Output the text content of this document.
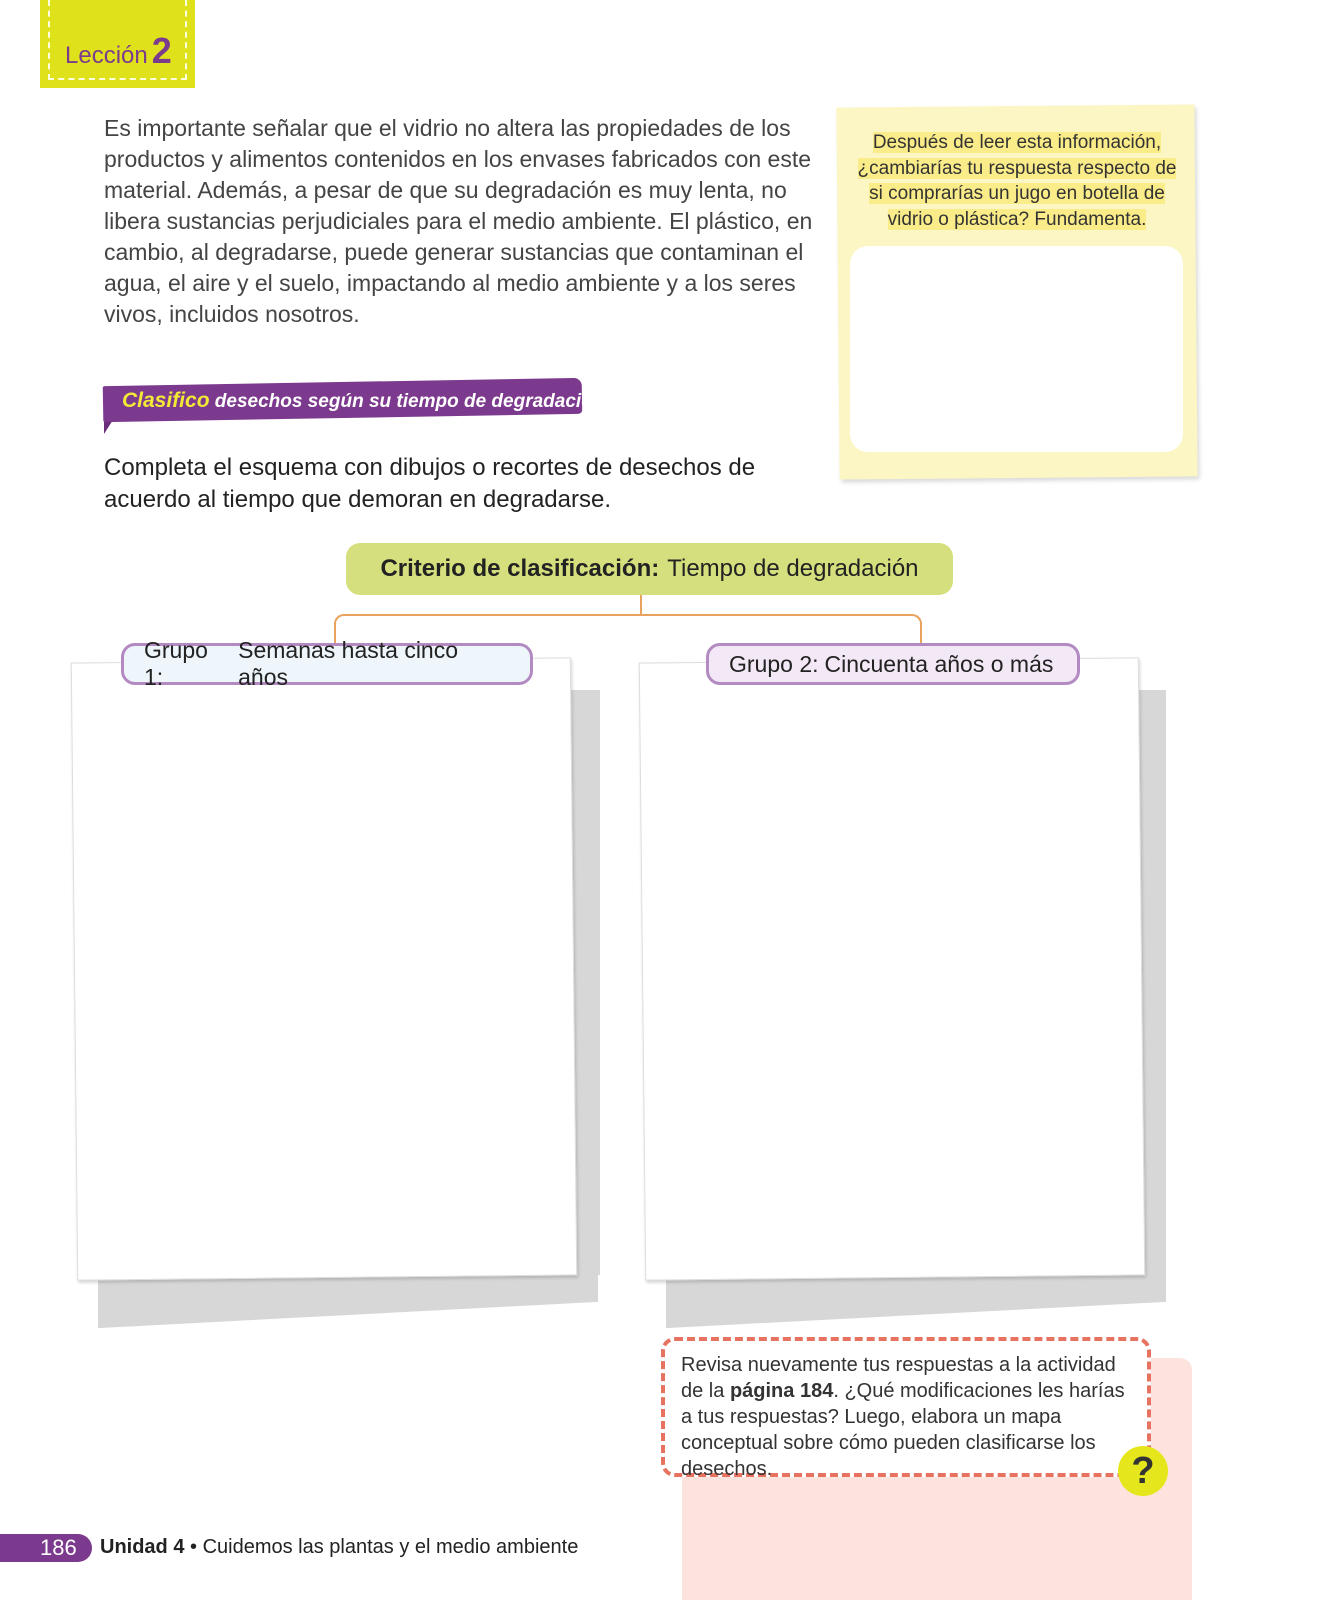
Lección 2
Es importante señalar que el vidrio no altera las propiedades de los productos y alimentos contenidos en los envases fabricados con este material. Además, a pesar de que su degradación es muy lenta, no libera sustancias perjudiciales para el medio ambiente. El plástico, en cambio, al degradarse, puede generar sustancias que contaminan el agua, el aire y el suelo, impactando al medio ambiente y a los seres vivos, incluidos nosotros.
Después de leer esta información, ¿cambiarías tu respuesta respecto de si comprarías un jugo en botella de vidrio o plástica? Fundamenta.
Clasifico desechos según su tiempo de degradación
Completa el esquema con dibujos o recortes de desechos de acuerdo al tiempo que demoran en degradarse.
Criterio de clasificación: Tiempo de degradación
Grupo 1:
Semanas hasta cinco años
Grupo 2: Cincuenta años o más
Revisa nuevamente tus respuestas a la actividad de la página 184. ¿Qué modificaciones les harías a tus respuestas? Luego, elabora un mapa conceptual sobre cómo pueden clasificarse los desechos.	?
186	Unidad 4 • Cuidemos las plantas y el medio ambiente
